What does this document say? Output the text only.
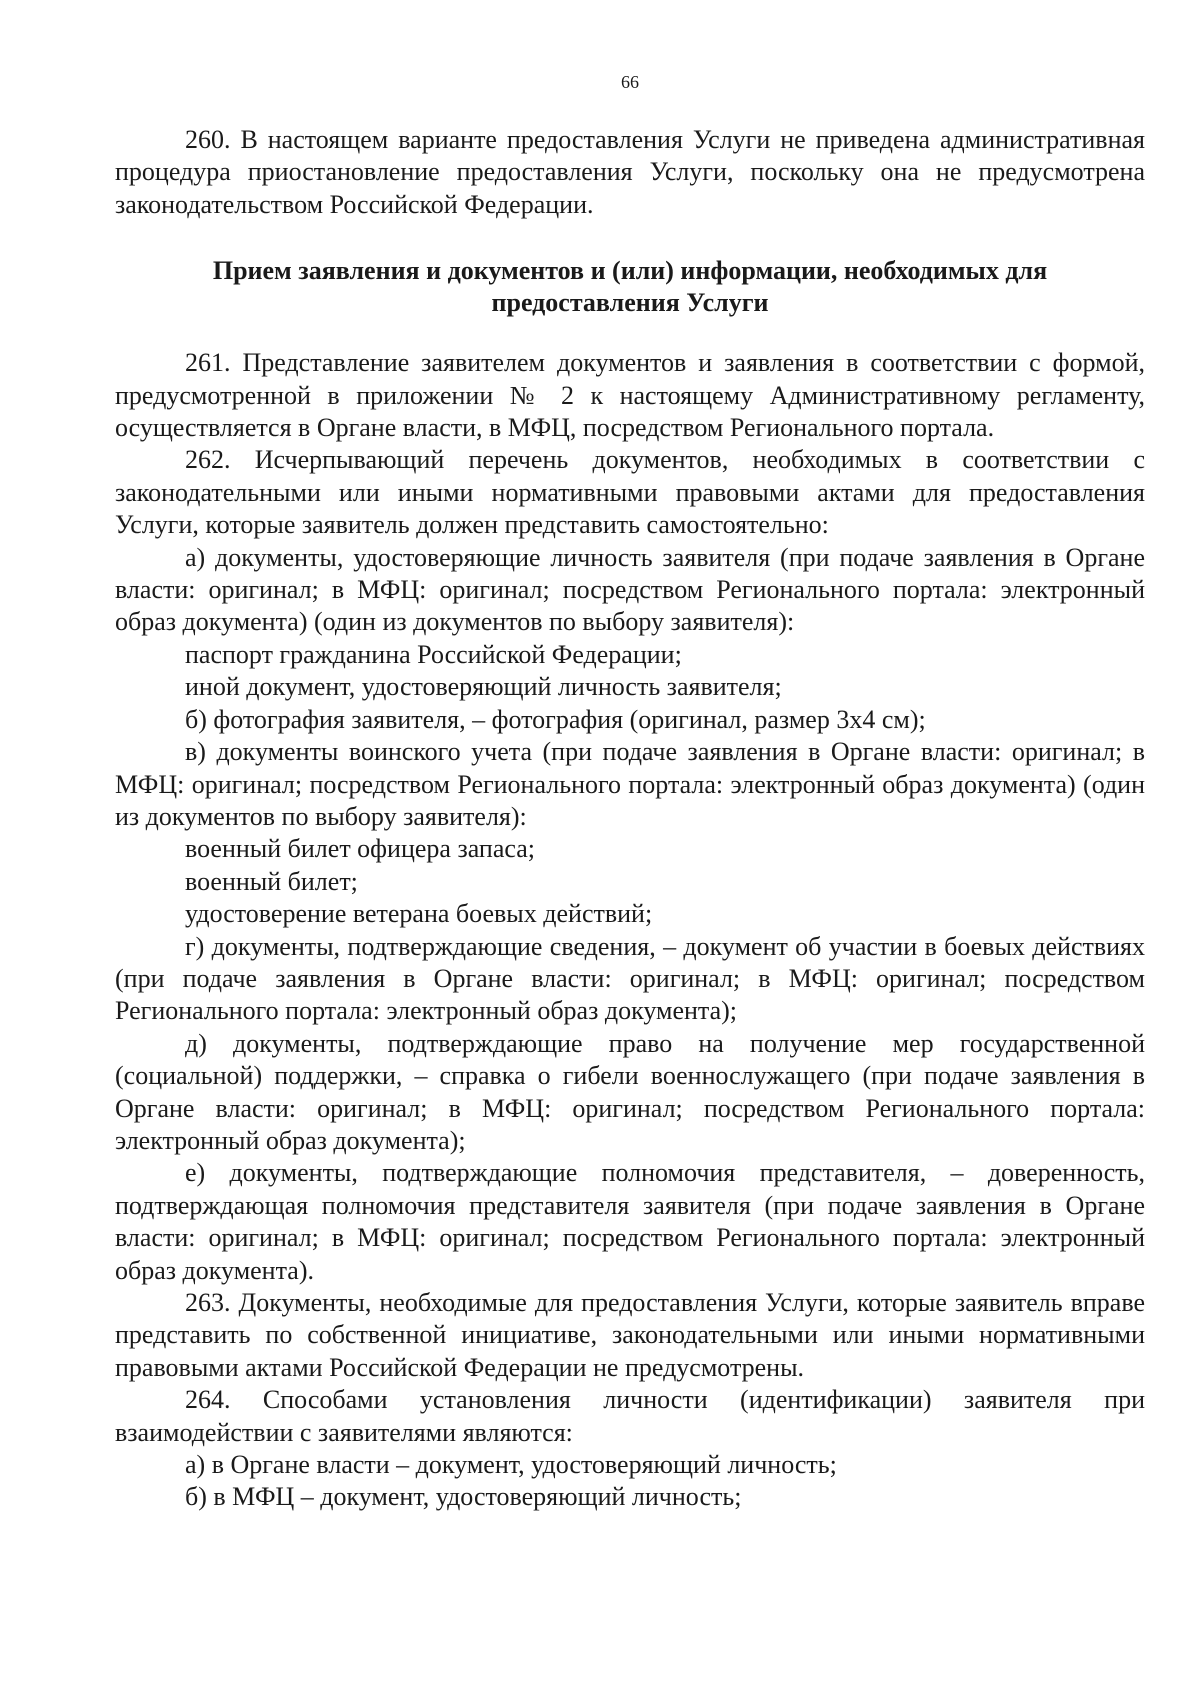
66

260. В настоящем варианте предоставления Услуги не приведена административная процедура приостановление предоставления Услуги, поскольку она не предусмотрена законодательством Российской Федерации.

Прием заявления и документов и (или) информации, необходимых для
предоставления Услуги

261. Представление заявителем документов и заявления в соответствии с формой, предусмотренной в приложении № 2 к настоящему Административному регламенту, осуществляется в Органе власти, в МФЦ, посредством Регионального портала.

262. Исчерпывающий перечень документов, необходимых в соответствии с законодательными или иными нормативными правовыми актами для предоставления Услуги, которые заявитель должен представить самостоятельно:

а) документы, удостоверяющие личность заявителя (при подаче заявления в Органе власти: оригинал; в МФЦ: оригинал; посредством Регионального портала: электронный образ документа) (один из документов по выбору заявителя):

паспорт гражданина Российской Федерации;

иной документ, удостоверяющий личность заявителя;

б) фотография заявителя, – фотография (оригинал, размер 3х4 см);

в) документы воинского учета (при подаче заявления в Органе власти: оригинал; в МФЦ: оригинал; посредством Регионального портала: электронный образ документа) (один из документов по выбору заявителя):

военный билет офицера запаса;

военный билет;

удостоверение ветерана боевых действий;

г) документы, подтверждающие сведения, – документ об участии в боевых действиях (при подаче заявления в Органе власти: оригинал; в МФЦ: оригинал; посредством Регионального портала: электронный образ документа);

д) документы, подтверждающие право на получение мер государственной (социальной) поддержки, – справка о гибели военнослужащего (при подаче заявления в Органе власти: оригинал; в МФЦ: оригинал; посредством Регионального портала: электронный образ документа);

е) документы, подтверждающие полномочия представителя, – доверенность, подтверждающая полномочия представителя заявителя (при подаче заявления в Органе власти: оригинал; в МФЦ: оригинал; посредством Регионального портала: электронный образ документа).

263. Документы, необходимые для предоставления Услуги, которые заявитель вправе представить по собственной инициативе, законодательными или иными нормативными правовыми актами Российской Федерации не предусмотрены.

264. Способами установления личности (идентификации) заявителя при взаимодействии с заявителями являются:

а) в Органе власти – документ, удостоверяющий личность;

б) в МФЦ – документ, удостоверяющий личность;
